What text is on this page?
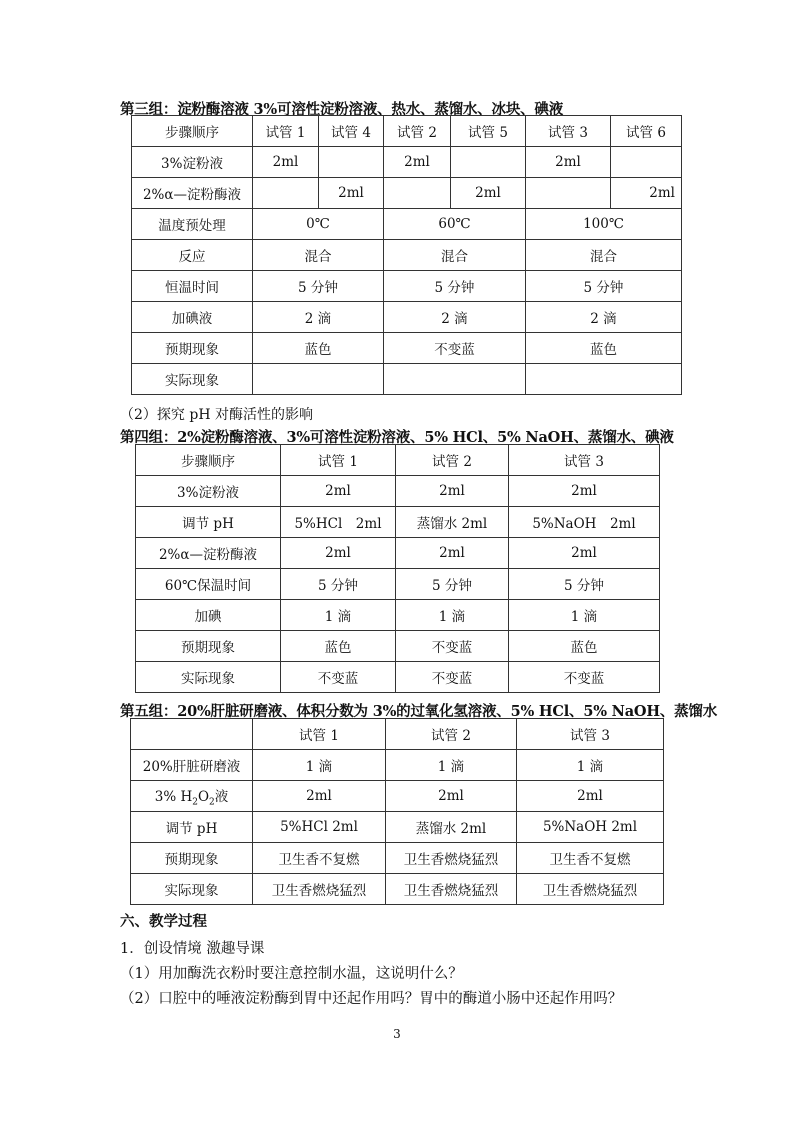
第三组：淀粉酶溶液 3%可溶性淀粉溶液、热水、蒸馏水、冰块、碘液
步骤顺序	试管 1	试管 4	试管 2	试管 5	试管 3	试管 6
3%淀粉液	2ml		2ml		2ml	
2%α—淀粉酶液		2ml		2ml		2ml
温度预处理	0℃		60℃		100℃	
反应	混合		混合		混合	
恒温时间	5 分钟		5 分钟		5 分钟	
加碘液	2 滴		2 滴		2 滴	
预期现象	蓝色		不变蓝		蓝色	
实际现象						
（2）探究 pH 对酶活性的影响
第四组：2%淀粉酶溶液、3%可溶性淀粉溶液、5% HCl、5% NaOH、蒸馏水、碘液
步骤顺序	试管 1	试管 2	试管 3
3%淀粉液	2ml	2ml	2ml
调节 pH	5%HCl　2ml	蒸馏水 2ml	5%NaOH　2ml
2%α—淀粉酶液	2ml	2ml	2ml
60℃保温时间	5 分钟	5 分钟	5 分钟
加碘	1 滴	1 滴	1 滴
预期现象	蓝色	不变蓝	蓝色
实际现象	不变蓝	不变蓝	不变蓝
第五组：20%肝脏研磨液、体积分数为 3%的过氧化氢溶液、5% HCl、5% NaOH、蒸馏水
	试管 1	试管 2	试管 3
20%肝脏研磨液	1 滴	1 滴	1 滴
3% $H_2O_2$液	2ml	2ml	2ml
调节 pH	5%HCl 2ml	蒸馏水 2ml	5%NaOH 2ml
预期现象	卫生香不复燃	卫生香燃烧猛烈	卫生香不复燃
实际现象	卫生香燃烧猛烈	卫生香燃烧猛烈	卫生香燃烧猛烈
六、教学过程
1．创设情境 激趣导课
（1）用加酶洗衣粉时要注意控制水温，这说明什么？
（2）口腔中的唾液淀粉酶到胃中还起作用吗？胃中的酶道小肠中还起作用吗？
3
